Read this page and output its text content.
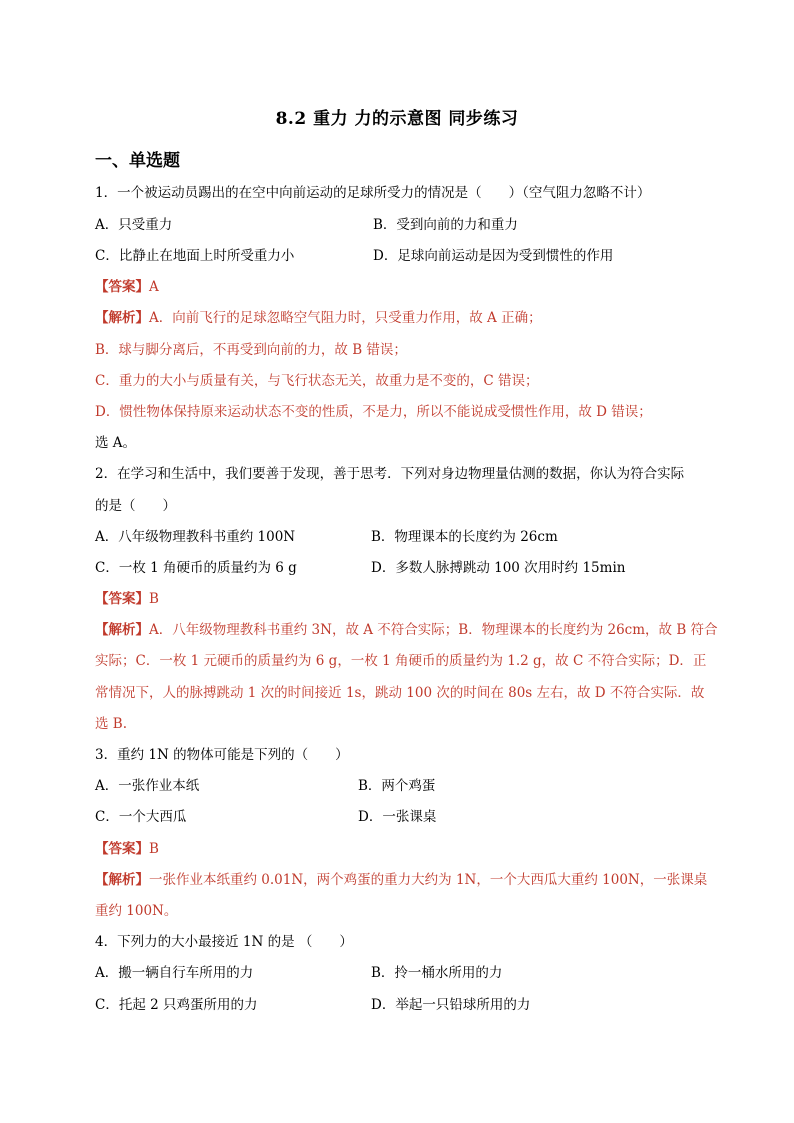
8.2 重力 力的示意图 同步练习
一、单选题
1．一个被运动员踢出的在空中向前运动的足球所受力的情况是（　　）（空气阻力忽略不计）
A．只受重力	B．受到向前的力和重力
C．比静止在地面上时所受重力小	D．足球向前运动是因为受到惯性的作用
【答案】A
【解析】A．向前飞行的足球忽略空气阻力时，只受重力作用，故 A 正确；
B．球与脚分离后，不再受到向前的力，故 B 错误；
C．重力的大小与质量有关，与飞行状态无关，故重力是不变的，C 错误；
D．惯性物体保持原来运动状态不变的性质，不是力，所以不能说成受惯性作用，故 D 错误；
选 A。
2．在学习和生活中，我们要善于发现，善于思考．下列对身边物理量估测的数据，你认为符合实际
的是（　　）
A．八年级物理教科书重约 100N	B．物理课本的长度约为 26cm
C．一枚 1 角硬币的质量约为 6 g	D．多数人脉搏跳动 100 次用时约 15min
【答案】B
【解析】A．八年级物理教科书重约 3N，故 A 不符合实际；B．物理课本的长度约为 26cm，故 B 符合
实际；C．一枚 1 元硬币的质量约为 6 g，一枚 1 角硬币的质量约为 1.2 g，故 C 不符合实际；D．正
常情况下，人的脉搏跳动 1 次的时间接近 1s，跳动 100 次的时间在 80s 左右，故 D 不符合实际．故
选 B.
3．重约 1N 的物体可能是下列的（　　）
A．一张作业本纸	B．两个鸡蛋
C．一个大西瓜	D．一张课桌
【答案】B
【解析】一张作业本纸重约 0.01N，两个鸡蛋的重力大约为 1N，一个大西瓜大重约 100N，一张课桌
重约 100N。
4．下列力的大小最接近 1N 的是 （　　）
A．搬一辆自行车所用的力	B．拎一桶水所用的力
C．托起 2 只鸡蛋所用的力	D．举起一只铅球所用的力
